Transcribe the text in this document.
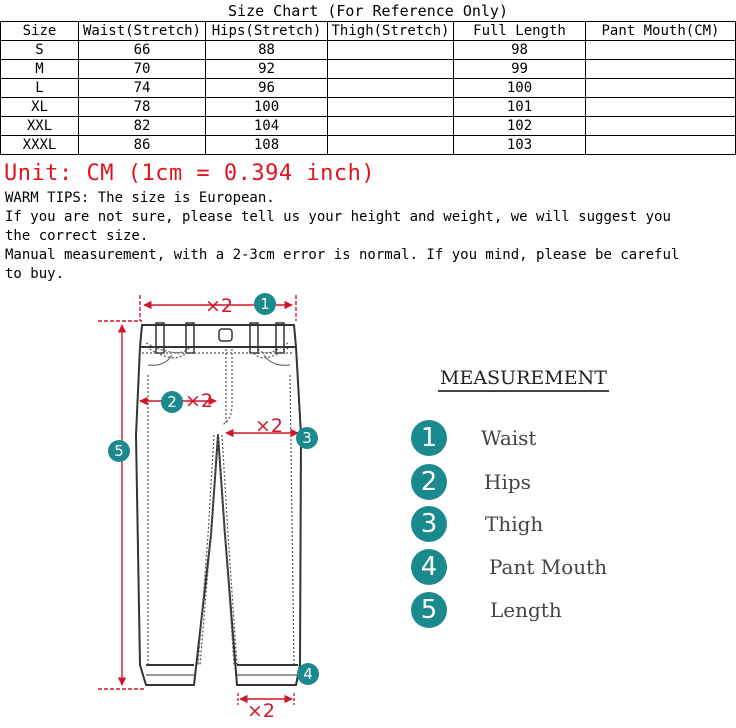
Size Chart (For Reference Only)
Size	Waist(Stretch)	Hips(Stretch)	Thigh(Stretch)	Full Length	Pant Mouth(CM)
S	66	88		98	
M	70	92		99	
L	74	96		100	
XL	78	100		101	
XXL	82	104		102	
XXXL	86	108		103	
Unit: CM (1cm = 0.394 inch)
WARM TIPS: The size is European.
If you are not sure, please tell us your height and weight, we will suggest you
the correct size.
Manual measurement, with a 2-3cm error is normal. If you mind, please be careful
to buy.
×2
×2
×2
×2
1
2
3
4
5
MEASUREMENT
1	Waist
2	Hips
3	Thigh
4	Pant Mouth
5	Length
